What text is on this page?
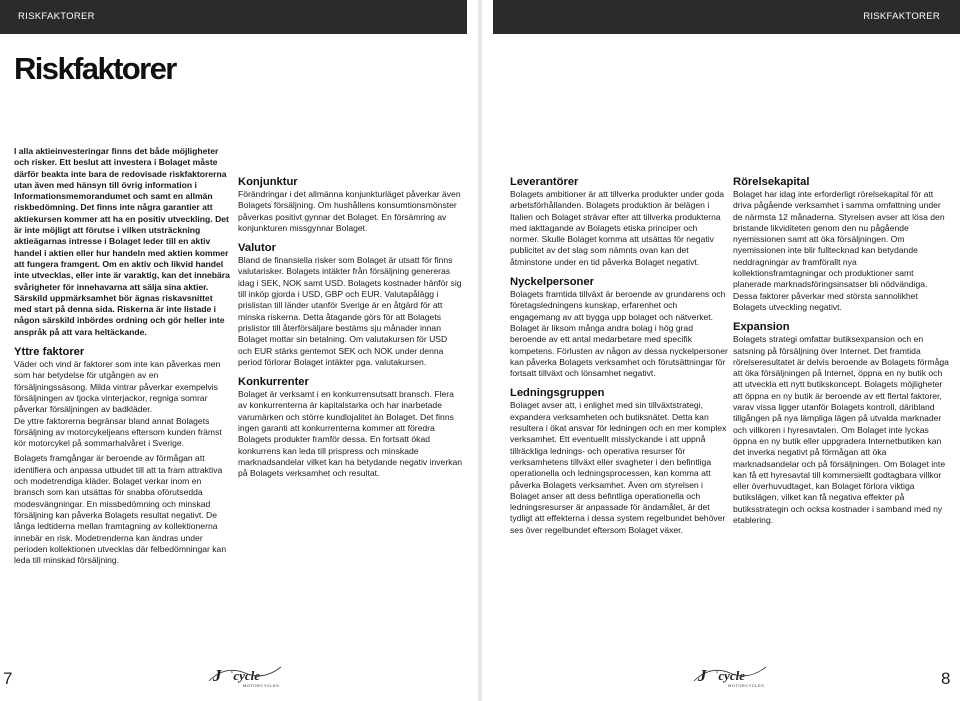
RISKFAKTORER	RISKFAKTORER
Riskfaktorer

I alla aktieinvesteringar finns det både möjligheter och risker. Ett beslut att investera i Bolaget måste därför beakta inte bara de redovisade riskfaktorerna utan även med hänsyn till övrig information i Informationsmemorandumet och samt en allmän riskbedömning. Det finns inte några garantier att aktiekursen kommer att ha en positiv utveckling. Det är inte möjligt att förutse i vilken utsträckning aktieägarnas intresse i Bolaget leder till en aktiv handel i aktien eller hur handeln med aktien kommer att fungera framgent. Om en aktiv och likvid handel inte utvecklas, eller inte är varaktig, kan det innebära svårigheter för innehavarna att sälja sina aktier. Särskild uppmärksamhet bör ägnas riskavsnittet med start på denna sida. Riskerna är inte listade i någon särskild inbördes ordning och gör heller inte anspråk på att vara heltäckande.

Yttre faktorer

Väder och vind är faktorer som inte kan påverkas men som har betydelse för utgången av en försäljningssäsong. Milda vintrar påverkar exempelvis försäljningen av tjocka vinterjackor, regniga somrar påverkar försäljningen av badkläder.

De yttre faktorerna begränsar bland annat Bolagets försäljning av motorcykeljeans eftersom kunden främst kör motorcykel på sommarhalvåret i Sverige.

Bolagets framgångar är beroende av förmågan att identifiera och anpassa utbudet till att ta fram attraktiva och modetrendiga kläder. Bolaget verkar inom en bransch som kan utsättas för snabba oförutsedda modesvängningar. En missbedömning och minskad försäljning kan påverka Bolagets resultat negativt. De långa ledtiderna mellan framtagning av kollektionerna innebär en risk. Modetrenderna kan ändras under perioden kollektionen utvecklas där felbedömningar kan leda till minskad försäljning.

Konjunktur

Förändringar i det allmänna konjunkturläget påverkar även Bolagets försäljning. Om hushållens konsumtionsmönster påverkas positivt gynnar det Bolaget. En försämring av konjunkturen missgynnar Bolaget.

Valutor

Bland de finansiella risker som Bolaget är utsatt för finns valutarisker. Bolagets intäkter från försäljning genereras idag i SEK, NOK samt USD. Bolagets kostnader hänför sig till inköp gjorda i USD, GBP och EUR. Valutapålägg i prislistan till länder utanför Sverige är en åtgärd för att minska riskerna. Detta åtagande görs för att Bolagets prislistor till återförsäljare bestäms sju månader innan Bolaget mottar sin betalning. Om valutakursen för USD och EUR stärks gentemot SEK och NOK under denna period förlorar Bolaget intäkter pga. valutakursen.

Konkurrenter

Bolaget är verksamt i en konkurrensutsatt bransch. Flera av konkurrenterna är kapitalstarka och har inarbetade varumärken och större kundlojalitet än Bolaget. Det finns ingen garanti att konkurrenterna kommer att föredra Bolagets produkter framför dessa. En fortsatt ökad konkurrens kan leda till prispress och minskade marknadsandelar vilket kan ha betydande negativ inverkan på Bolagets verksamhet och resultat.

Leverantörer

Bolagets ambitioner är att tillverka produkter under goda arbetsförhållanden. Bolagets produktion är belägen i Italien och Bolaget strävar efter att tillverka produkterna med iakttagande av Bolagets etiska principer och normer. Skulle Bolaget komma att utsättas för negativ publicitet av det slag som nämnts ovan kan det åtminstone under en tid påverka Bolaget negativt.

Nyckelpersoner

Bolagets framtida tillväxt är beroende av grundarens och företagsledningens kunskap, erfarenhet och engagemang av att bygga upp bolaget och nätverket. Bolaget är liksom många andra bolag i hög grad beroende av ett antal medarbetare med specifik kompetens. Förlusten av någon av dessa nyckelpersoner kan påverka Bolagets verksamhet och förutsättningar för fortsatt tillväxt och lönsamhet negativt.

Ledningsgruppen

Bolaget avser att, i enlighet med sin tillväxtstrategi, expandera verksamheten och butiksnätet. Detta kan resultera i ökat ansvar för ledningen och en mer komplex verksamhet. Ett eventuellt misslyckande i att uppnå tillräckliga lednings- och operativa resurser för verksamhetens tillväxt eller svagheter i den befintliga operationella och ledningsprocessen, kan komma att påverka Bolagets verksamhet. Även om styrelsen i Bolaget anser att dess befintliga operationella och ledningsresurser är anpassade för ändamålet, är det tydligt att effekterna i dessa system regelbundet behöver ses över regelbundet eftersom Bolaget växer.

Rörelsekapital

Bolaget har idag inte erforderligt rörelsekapital för att driva pågående verksamhet i samma omfattning under de närmsta 12 månaderna. Styrelsen avser att lösa den bristande likviditeten genom den nu pågående nyemissionen samt att öka försäljningen. Om nyemissionen inte blir fulltecknad kan betydande neddragningar av framförallt nya kollektionsframtagningar och produktioner samt planerade marknadsföringsinsatser bli nödvändiga. Dessa faktorer påverkar med största sannolikhet Bolagets utveckling negativt.

Expansion

Bolagets strategi omfattar butiksexpansion och en satsning på försäljning över Internet. Det framtida rörelseresultatet är delvis beroende av Bolagets förmåga att öka försäljningen på Internet, öppna en ny butik och att utveckla ett nytt butikskoncept. Bolagets möjligheter att öppna en ny butik är beroende av ett flertal faktorer, varav vissa ligger utanför Bolagets kontroll, däribland tillgången på nya lämpliga lägen på utvalda marknader och villkoren i hyresavtalen. Om Bolaget inte lyckas öppna en ny butik eller uppgradera Internetbutiken kan det inverka negativt på förmågan att öka marknadsandelar och på försäljningen. Om Bolaget inte kan få ett hyresavtal till kommersiellt godtagbara villkor eller överhuvudtaget, kan Bolaget förlora viktiga butikslägen, vilket kan få negativa effekter på butiksstrategin och ocksa kostnader i samband med ny etablering.

7	8
J ˈcycle
MOTORCYCLES
J ˈcycle
MOTORCYCLES
